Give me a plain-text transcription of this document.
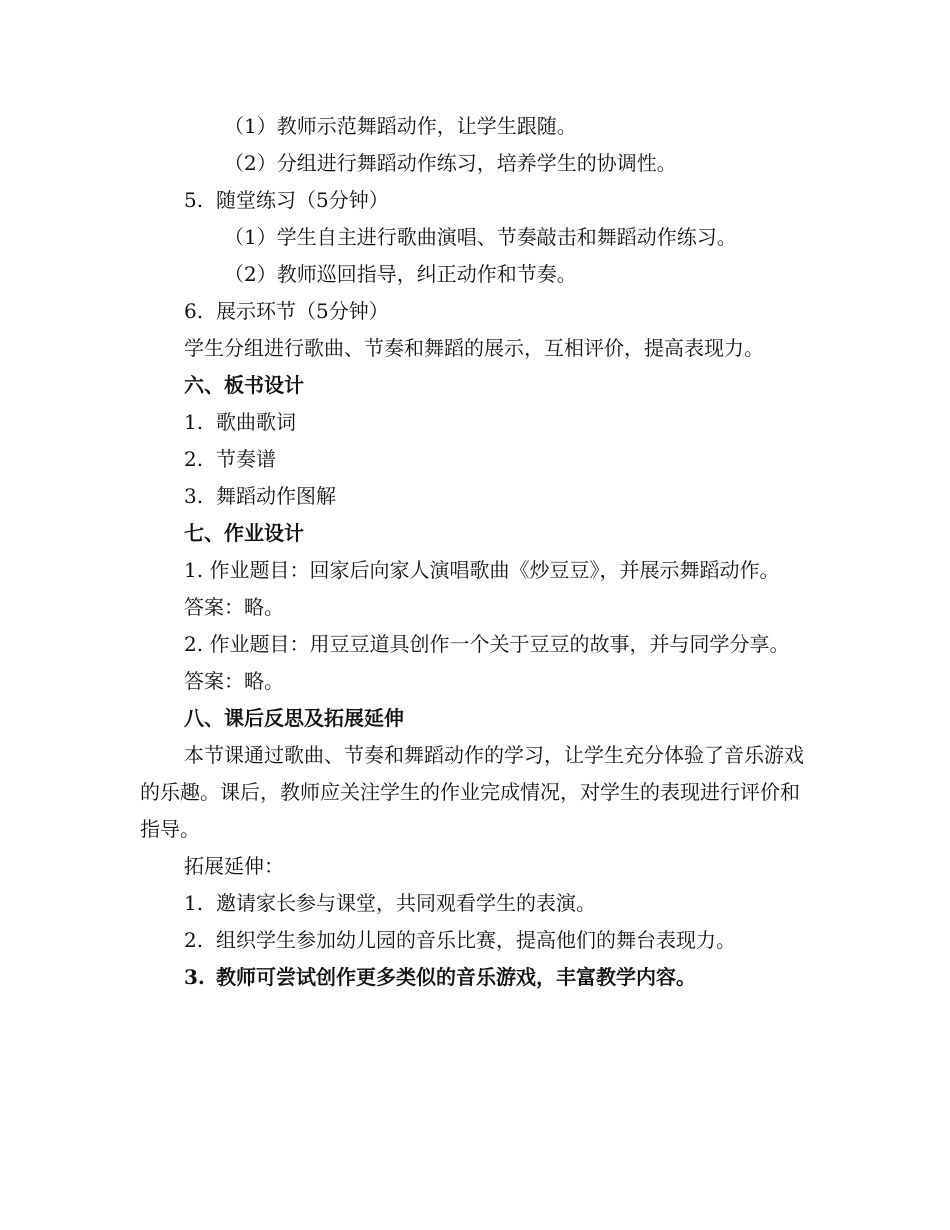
（1）教师示范舞蹈动作，让学生跟随。

（2）分组进行舞蹈动作练习，培养学生的协调性。

5. 随堂练习（5分钟）

（1）学生自主进行歌曲演唱、节奏敲击和舞蹈动作练习。

（2）教师巡回指导，纠正动作和节奏。

6. 展示环节（5分钟）

学生分组进行歌曲、节奏和舞蹈的展示，互相评价，提高表现力。

六、板书设计

1. 歌曲歌词

2. 节奏谱

3. 舞蹈动作图解

七、作业设计

1. 作业题目：回家后向家人演唱歌曲《炒豆豆》，并展示舞蹈动作。

答案：略。

2. 作业题目：用豆豆道具创作一个关于豆豆的故事，并与同学分享。

答案：略。

八、课后反思及拓展延伸

本节课通过歌曲、节奏和舞蹈动作的学习，让学生充分体验了音乐游戏的乐趣。课后，教师应关注学生的作业完成情况，对学生的表现进行评价和指导。

拓展延伸：

1. 邀请家长参与课堂，共同观看学生的表演。

2. 组织学生参加幼儿园的音乐比赛，提高他们的舞台表现力。

3. 教师可尝试创作更多类似的音乐游戏，丰富教学内容。
